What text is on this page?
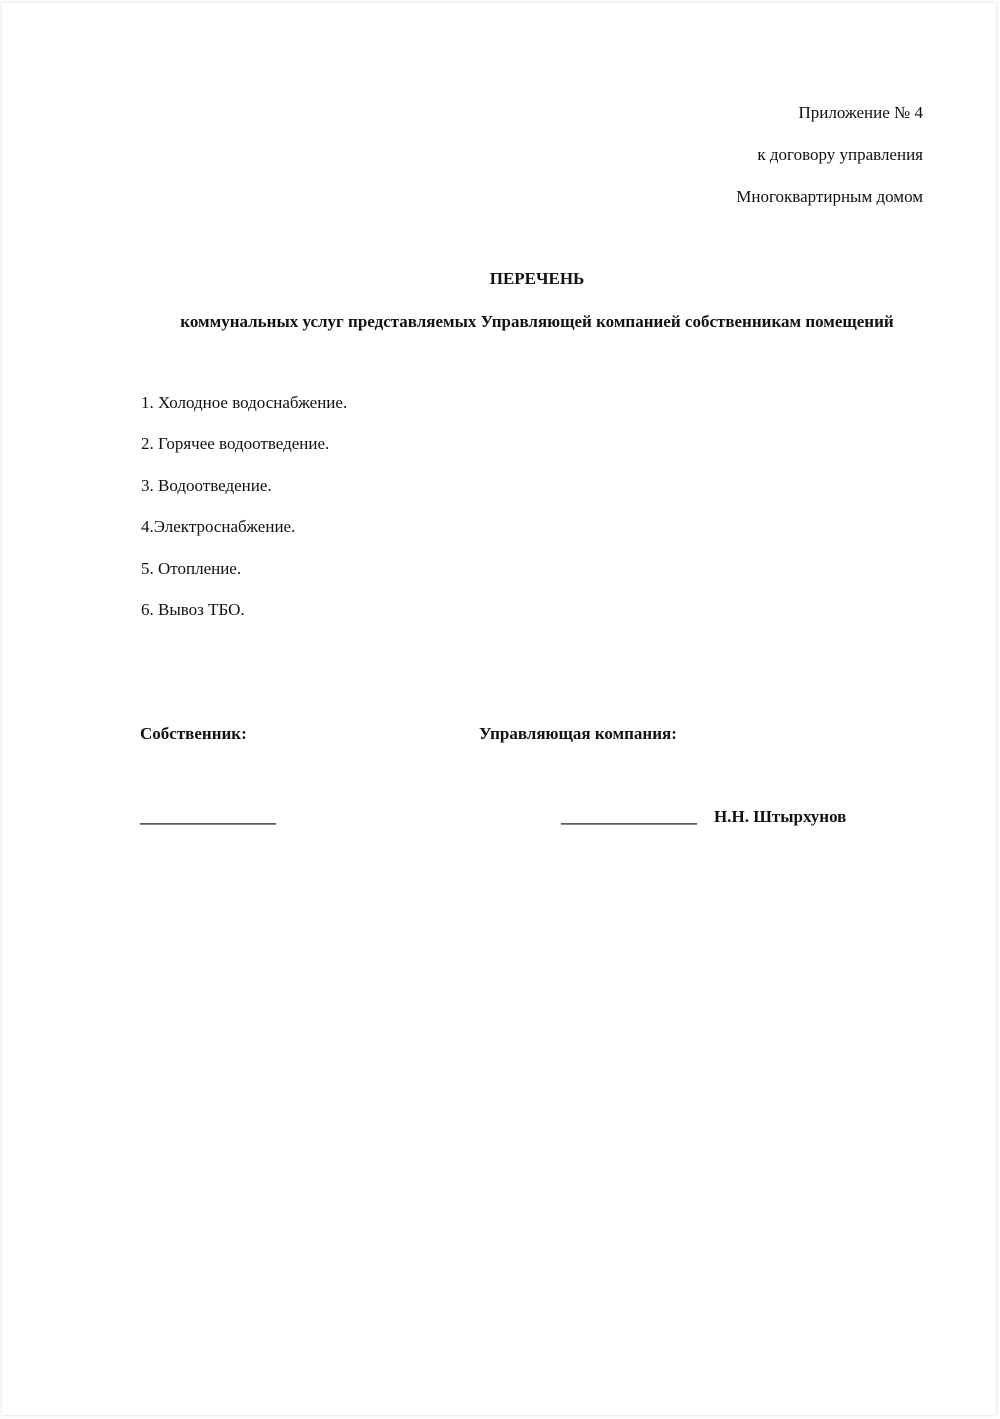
Приложение № 4
к договору управления
Многоквартирным домом
ПЕРЕЧЕНЬ
коммунальных услуг представляемых Управляющей компанией собственникам помещений
1. Холодное водоснабжение.
2. Горячее водоотведение.
3. Водоотведение.
4.Электроснабжение.
5. Отопление.
6. Вывоз ТБО.
Собственник:	Управляющая компания:
________________	________________ Н.Н. Штырхунов
